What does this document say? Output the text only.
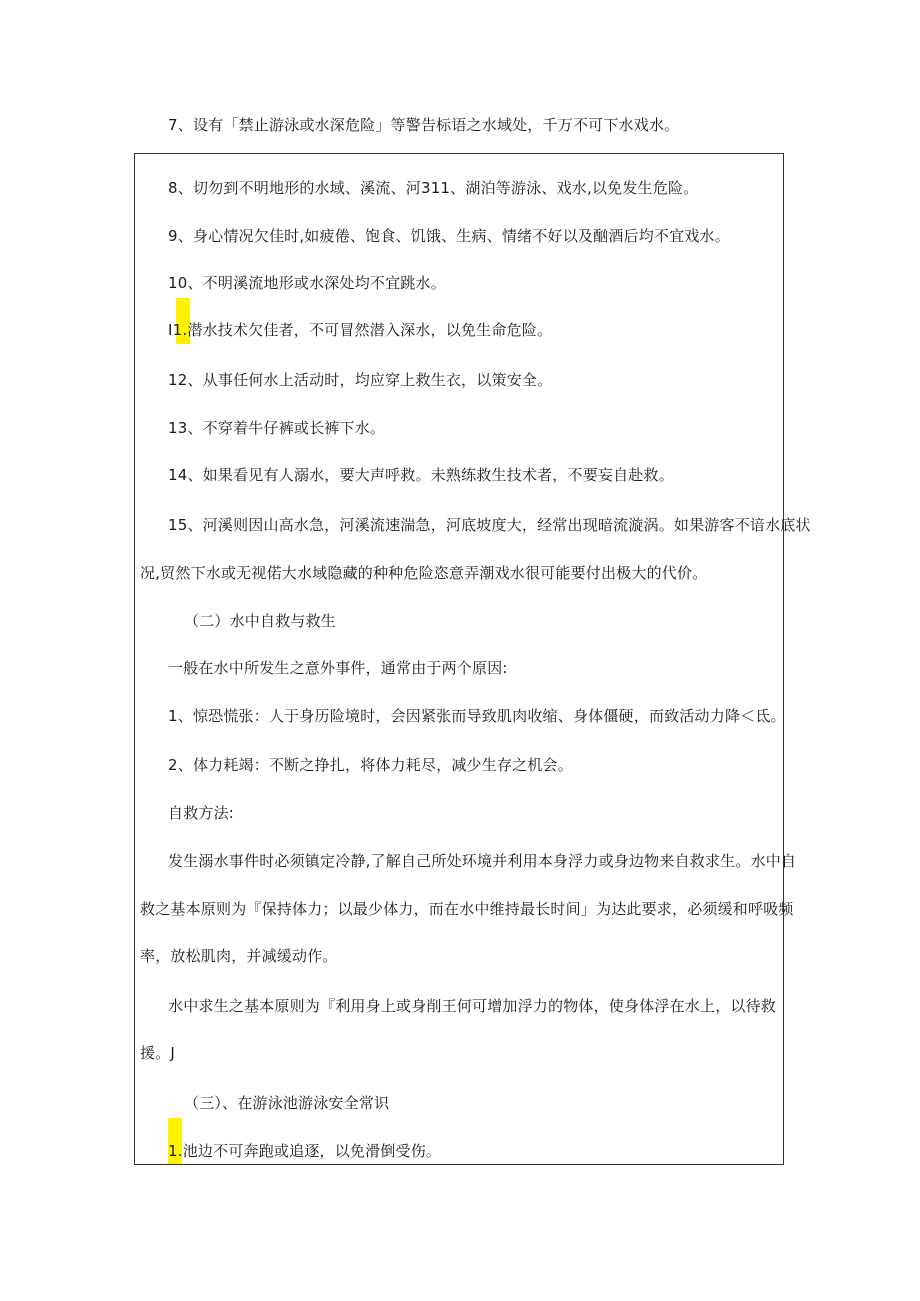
7、设有「禁止游泳或水深危险」等警告标语之水域处，千万不可下水戏水。
8、切勿到不明地形的水域、溪流、河311、湖泊等游泳、戏水,以免发生危险。
9、身心情况欠佳时,如疲倦、饱食、饥饿、生病、情绪不好以及酗酒后均不宜戏水。
10、不明溪流地形或水深处均不宜跳水。
I1.潜水技术欠佳者，不可冒然潜入深水，以免生命危险。
12、从事任何水上活动时，均应穿上救生衣，以策安全。
13、不穿着牛仔裤或长裤下水。
14、如果看见有人溺水，要大声呼救。未熟练救生技术者，不要妄自赴救。
15、河溪则因山高水急，河溪流速湍急，河底坡度大，经常出现暗流漩涡。如果游客不谙水底状
况,贸然下水或无视偌大水域隐藏的种种危险恣意弄潮戏水很可能要付出极大的代价。
（二）水中自救与救生
一般在水中所发生之意外事件，通常由于两个原因:
1、惊恐慌张：人于身历险境时，会因紧张而导致肌肉收缩、身体僵硬，而致活动力降＜氐。
2、体力耗竭：不断之挣扎，将体力耗尽，减少生存之机会。
自救方法:
发生溺水事件时必须镇定冷静,了解自己所处环境并利用本身浮力或身边物来自救求生。水中自
救之基本原则为『保持体力；以最少体力，而在水中维持最长时间」为达此要求，必须缓和呼吸频
率，放松肌肉，并减缓动作。
水中求生之基本原则为『利用身上或身削王何可增加浮力的物体，使身体浮在水上，以待救
援。J
（三）、在游泳池游泳安全常识
1.池边不可奔跑或追逐，以免滑倒受伤。
